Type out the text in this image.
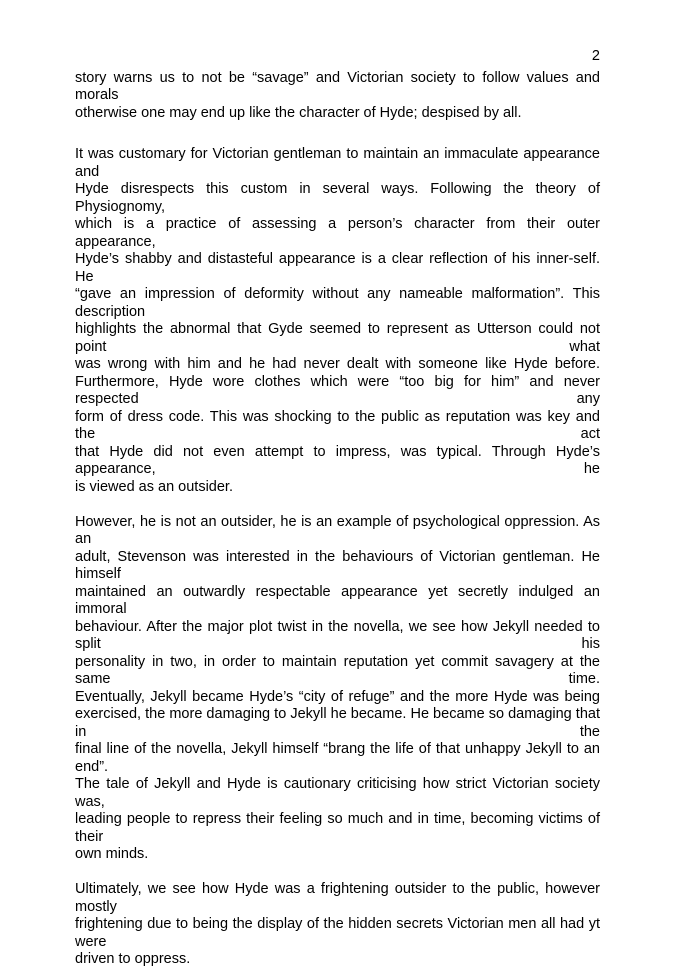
2
story warns us to not be “savage” and Victorian society to follow values and morals
otherwise one may end up like the character of Hyde; despised by all.
It was customary for Victorian gentleman to maintain an immaculate appearance and
Hyde disrespects this custom in several ways. Following the theory of Physiognomy,
which is a practice of assessing a person’s character from their outer appearance,
Hyde’s shabby and distasteful appearance is a clear reflection of his inner-self. He
“gave an impression of deformity without any nameable malformation”. This description
highlights the abnormal that Gyde seemed to represent as Utterson could not point what
was wrong with him and he had never dealt with someone like Hyde before.
Furthermore, Hyde wore clothes which were “too big for him” and never respected any
form of dress code. This was shocking to the public as reputation was key and the act
that Hyde did not even attempt to impress, was typical. Through Hyde’s appearance, he
is viewed as an outsider.
However, he is not an outsider, he is an example of psychological oppression. As an
adult, Stevenson was interested in the behaviours of Victorian gentleman. He himself
maintained an outwardly respectable appearance yet secretly indulged an immoral
behaviour. After the major plot twist in the novella, we see how Jekyll needed to split his
personality in two, in order to maintain reputation yet commit savagery at the same time.
Eventually, Jekyll became Hyde’s “city of refuge” and the more Hyde was being
exercised, the more damaging to Jekyll he became. He became so damaging that in the
final line of the novella, Jekyll himself “brang the life of that unhappy Jekyll to an end”.
The tale of Jekyll and Hyde is cautionary criticising how strict Victorian society was,
leading people to repress their feeling so much and in time, becoming victims of their
own minds.
Ultimately, we see how Hyde was a frightening outsider to the public, however mostly
frightening due to being the display of the hidden secrets Victorian men all had yt were
driven to oppress.
